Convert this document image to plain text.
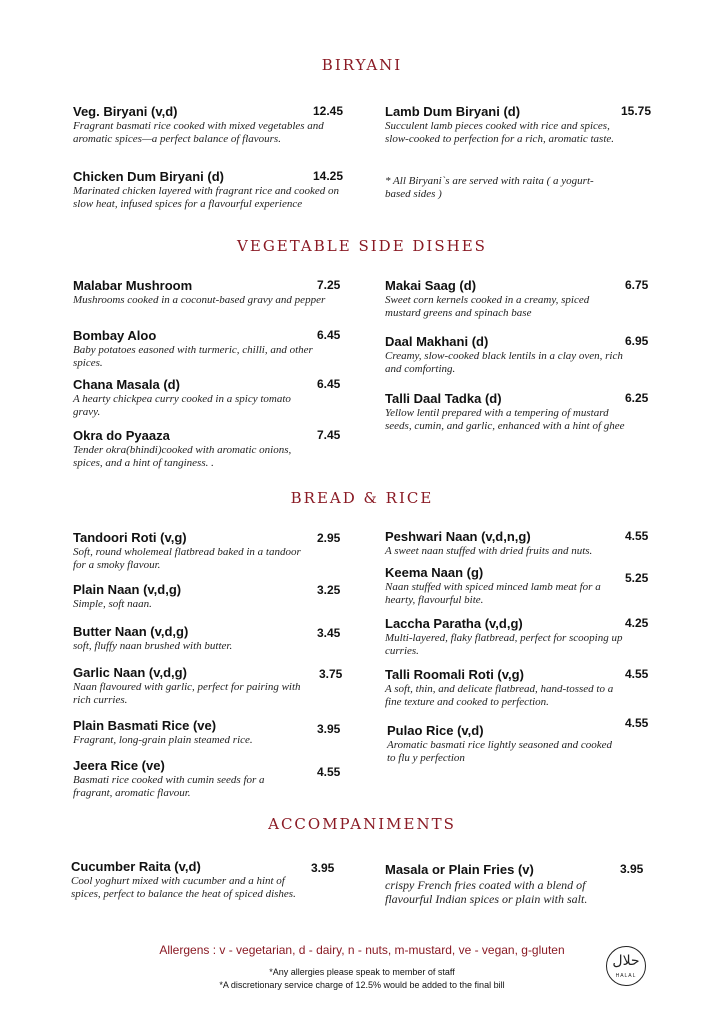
BIRYANI
Veg. Biryani (v,d)
Fragrant basmati rice cooked with mixed vegetables and aromatic spices—a perfect balance of flavours.
12.45
Chicken Dum Biryani (d)
Marinated chicken layered with fragrant rice and cooked on slow heat, infused spices for a flavourful experience
14.25
Lamb Dum Biryani (d)
Succulent lamb pieces cooked with rice and spices, slow-cooked to perfection for a rich, aromatic taste.
15.75
* All Biryani`s are served with raita ( a yogurt-based sides )
VEGETABLE SIDE DISHES
Malabar Mushroom
Mushrooms cooked in a coconut-based gravy and pepper
7.25
Bombay Aloo
Baby potatoes easoned with turmeric, chilli, and other spices.
6.45
Chana Masala (d)
A hearty chickpea curry cooked in a spicy tomato gravy.
6.45
Okra do Pyaaza
Tender okra(bhindi)cooked with aromatic onions, spices, and a hint of tanginess. .
7.45
Makai Saag (d)
Sweet corn kernels cooked in a creamy, spiced mustard greens and spinach base
6.75
Daal Makhani (d)
Creamy, slow-cooked black lentils in a clay oven, rich and comforting.
6.95
Talli Daal Tadka (d)
Yellow lentil prepared with a tempering of mustard seeds, cumin, and garlic, enhanced with a hint of ghee
6.25
BREAD & RICE
Tandoori Roti (v,g)
Soft, round wholemeal flatbread baked in a tandoor for a smoky flavour.
2.95
Plain Naan (v,d,g)
Simple, soft naan.
3.25
Butter Naan (v,d,g)
soft, fluffy naan brushed with butter.
3.45
Garlic Naan (v,d,g)
Naan flavoured with garlic, perfect for pairing with rich curries.
3.75
Plain Basmati Rice (ve)
Fragrant, long-grain plain steamed rice.
3.95
Jeera Rice (ve)
Basmati rice cooked with cumin seeds for a fragrant, aromatic flavour.
4.55
Peshwari Naan (v,d,n,g)
A sweet naan stuffed with dried fruits and nuts.
4.55
Keema Naan (g)
Naan stuffed with spiced minced lamb meat for a hearty, flavourful bite.
5.25
Laccha Paratha (v,d,g)
Multi-layered, flaky flatbread, perfect for scooping up curries.
4.25
Talli Roomali Roti (v,g)
A soft, thin, and delicate flatbread, hand-tossed to a fine texture and cooked to perfection.
4.55
Pulao Rice (v,d)
Aromatic basmati rice lightly seasoned and cooked to flu y perfection
4.55
ACCOMPANIMENTS
Cucumber Raita (v,d)
Cool yoghurt mixed with cucumber and a hint of spices, perfect to balance the heat of spiced dishes.
3.95	Masala or Plain Fries (v)
crispy French fries coated with a blend of flavourful Indian spices or plain with salt.
3.95
Allergens : v - vegetarian, d - dairy, n - nuts, m-mustard, ve - vegan, g-gluten
*Any allergies please speak to member of staff
*A discretionary service charge of 12.5% would be added to the final bill
حلال
HALAL
